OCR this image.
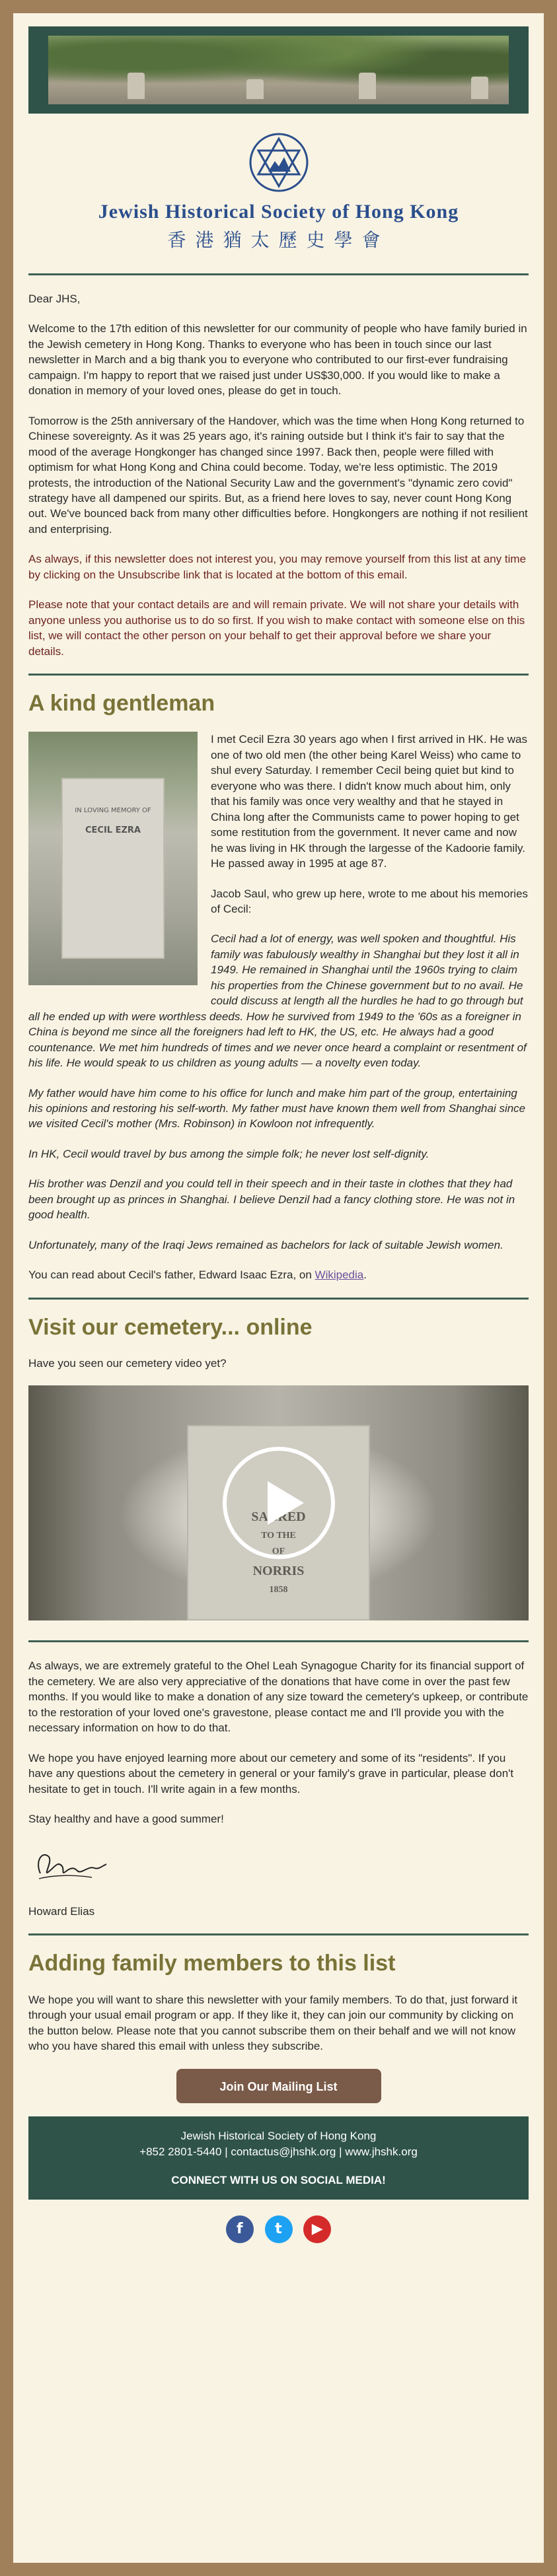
Jewish Historical Society of Hong Kong
香港猶太歷史學會

Dear JHS,

Welcome to the 17th edition of this newsletter for our community of people who have family buried in the Jewish cemetery in Hong Kong. Thanks to everyone who has been in touch since our last newsletter in March and a big thank you to everyone who contributed to our first-ever fundraising campaign. I'm happy to report that we raised just under US$30,000. If you would like to make a donation in memory of your loved ones, please do get in touch.

Tomorrow is the 25th anniversary of the Handover, which was the time when Hong Kong returned to Chinese sovereignty. As it was 25 years ago, it's raining outside but I think it's fair to say that the mood of the average Hongkonger has changed since 1997. Back then, people were filled with optimism for what Hong Kong and China could become. Today, we're less optimistic. The 2019 protests, the introduction of the National Security Law and the government's "dynamic zero covid" strategy have all dampened our spirits. But, as a friend here loves to say, never count Hong Kong out. We've bounced back from many other difficulties before. Hongkongers are nothing if not resilient and enterprising.

As always, if this newsletter does not interest you, you may remove yourself from this list at any time by clicking on the Unsubscribe link that is located at the bottom of this email.

Please note that your contact details are and will remain private. We will not share your details with anyone unless you authorise us to do so first. If you wish to make contact with someone else on this list, we will contact the other person on your behalf to get their approval before we share your details.

A kind gentleman
IN LOVING MEMORY OF
CECIL EZRA

I met Cecil Ezra 30 years ago when I first arrived in HK. He was one of two old men (the other being Karel Weiss) who came to shul every Saturday. I remember Cecil being quiet but kind to everyone who was there. I didn't know much about him, only that his family was once very wealthy and that he stayed in China long after the Communists came to power hoping to get some restitution from the government. It never came and now he was living in HK through the largesse of the Kadoorie family. He passed away in 1995 at age 87.

Jacob Saul, who grew up here, wrote to me about his memories of Cecil:

Cecil had a lot of energy, was well spoken and thoughtful. His family was fabulously wealthy in Shanghai but they lost it all in 1949. He remained in Shanghai until the 1960s trying to claim his properties from the Chinese government but to no avail. He could discuss at length all the hurdles he had to go through but all he ended up with were worthless deeds. How he survived from 1949 to the '60s as a foreigner in China is beyond me since all the foreigners had left to HK, the US, etc. He always had a good countenance. We met him hundreds of times and we never once heard a complaint or resentment of his life. He would speak to us children as young adults — a novelty even today.

My father would have him come to his office for lunch and make him part of the group, entertaining his opinions and restoring his self-worth. My father must have known them well from Shanghai since we visited Cecil's mother (Mrs. Robinson) in Kowloon not infrequently.

In HK, Cecil would travel by bus among the simple folk; he never lost self-dignity.

His brother was Denzil and you could tell in their speech and in their taste in clothes that they had been brought up as princes in Shanghai. I believe Denzil had a fancy clothing store. He was not in good health.

Unfortunately, many of the Iraqi Jews remained as bachelors for lack of suitable Jewish women.

You can read about Cecil's father, Edward Isaac Ezra, on Wikipedia.

Visit our cemetery... online

Have you seen our cemetery video yet?

SACRED
TO THE
OF
NORRIS
1858

As always, we are extremely grateful to the Ohel Leah Synagogue Charity for its financial support of the cemetery. We are also very appreciative of the donations that have come in over the past few months. If you would like to make a donation of any size toward the cemetery's upkeep, or contribute to the restoration of your loved one's gravestone, please contact me and I'll provide you with the necessary information on how to do that.

We hope you have enjoyed learning more about our cemetery and some of its "residents". If you have any questions about the cemetery in general or your family's grave in particular, please don't hesitate to get in touch. I'll write again in a few months.

Stay healthy and have a good summer!

Howard Elias

Adding family members to this list

We hope you will want to share this newsletter with your family members. To do that, just forward it through your usual email program or app. If they like it, they can join our community by clicking on the button below. Please note that you cannot subscribe them on their behalf and we will not know who you have shared this email with unless they subscribe.

Join Our Mailing List
Jewish Historical Society of Hong Kong
+852 2801-5440 | contactus@jhshk.org | www.jhshk.org
CONNECT WITH US ON SOCIAL MEDIA!
f t ▶
